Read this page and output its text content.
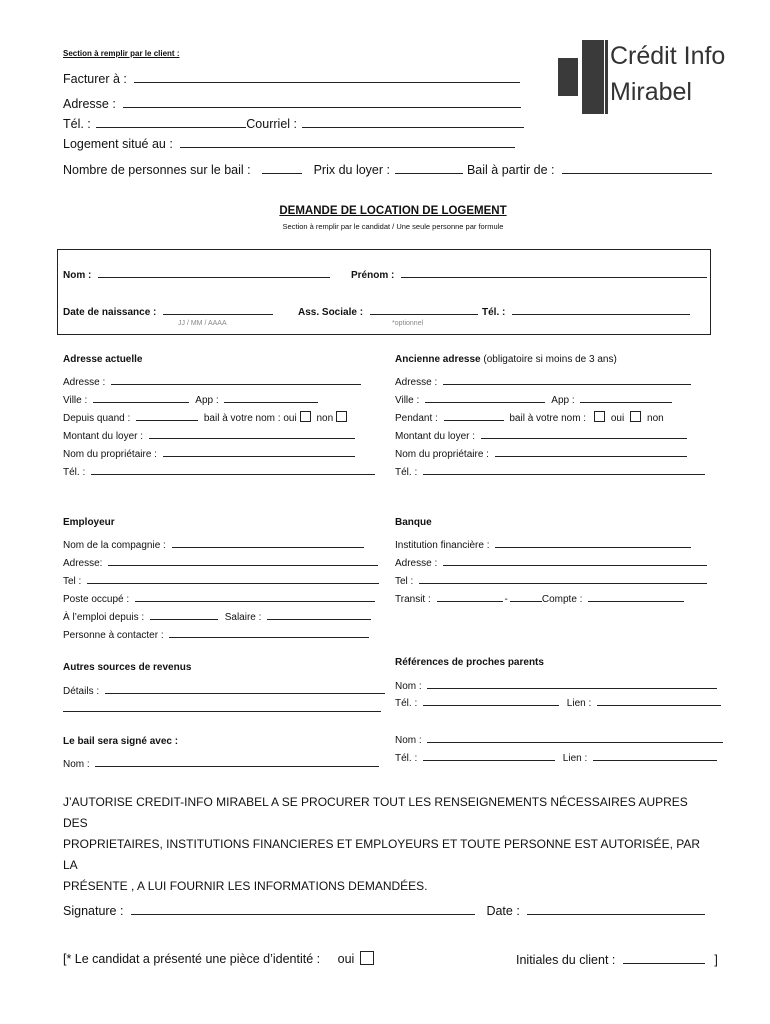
Section à remplir par le client :
Facturer à :
Adresse :
Tél. :	Courriel :
Logement situé au :
Nombre de personnes sur le bail :	Prix du loyer :	Bail à partir de :
Crédit Info
Mirabel
DEMANDE DE LOCATION DE LOGEMENT
Section à remplir par le candidat / Une seule personne par formule
Nom :	Prénom :
Date de naissance :
JJ / MM / AAAA
Ass. Sociale :
*optionnel
Tél. :
Adresse actuelle
Adresse :
Ville :	App :
Depuis quand :	bail à votre nom : oui non
Montant du loyer :
Nom du propriétaire :
Tél. :
Ancienne adresse (obligatoire si moins de 3 ans)
Adresse :
Ville :	App :
Pendant :	bail à votre nom : oui non
Montant du loyer :
Nom du propriétaire :
Tél. :
Employeur
Nom de la compagnie :
Adresse:
Tel :
Poste occupé :
À l’emploi depuis :	Salaire :
Personne à contacter :
Banque
Institution financière :
Adresse :
Tel :
Transit :	-	Compte :
Autres sources de revenus
Détails :
Références de proches parents
Nom :
Tél. :	Lien :
Nom :
Tél. :	Lien :
Le bail sera signé avec :
Nom :
J’AUTORISE CREDIT-INFO MIRABEL A SE PROCURER TOUT LES RENSEIGNEMENTS NÉCESSAIRES AUPRES DES
PROPRIETAIRES, INSTITUTIONS FINANCIERES ET EMPLOYEURS ET TOUTE PERSONNE EST AUTORISÉE, PAR LA
PRÉSENTE , A LUI FOURNIR LES INFORMATIONS DEMANDÉES.
Signature :	Date :
[* Le candidat a présenté une pièce d’identité : oui	Initiales du client :	]
